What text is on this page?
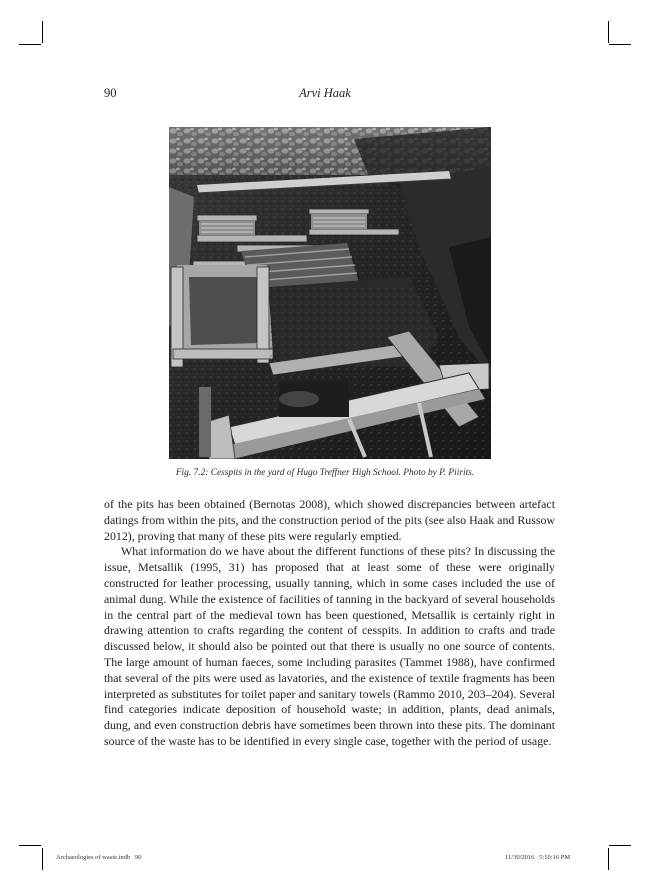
90	Arvi Haak
Fig. 7.2: Cesspits in the yard of Hugo Treffner High School. Photo by P. Piirits.

of the pits has been obtained (Bernotas 2008), which showed discrepancies between artefact datings from within the pits, and the construction period of the pits (see also Haak and Russow 2012), proving that many of these pits were regularly emptied.

What information do we have about the different functions of these pits? In discussing the issue, Metsallik (1995, 31) has proposed that at least some of these were originally constructed for leather processing, usually tanning, which in some cases included the use of animal dung. While the existence of facilities of tanning in the backyard of several households in the central part of the medieval town has been questioned, Metsallik is certainly right in drawing attention to crafts regarding the content of cesspits. In addition to crafts and trade discussed below, it should also be pointed out that there is usually no one source of contents. The large amount of human faeces, some including parasites (Tammet 1988), have confirmed that several of the pits were used as lavatories, and the existence of textile fragments has been interpreted as substitutes for toilet paper and sanitary towels (Rammo 2010, 203–204). Several find categories indicate deposition of household waste; in addition, plants, dead animals, dung, and even construction debris have sometimes been thrown into these pits. The dominant source of the waste has to be identified in every single case, together with the period of usage.

Archaeologies of waste.indb   90	11/30/2016   5:10:16 PM
